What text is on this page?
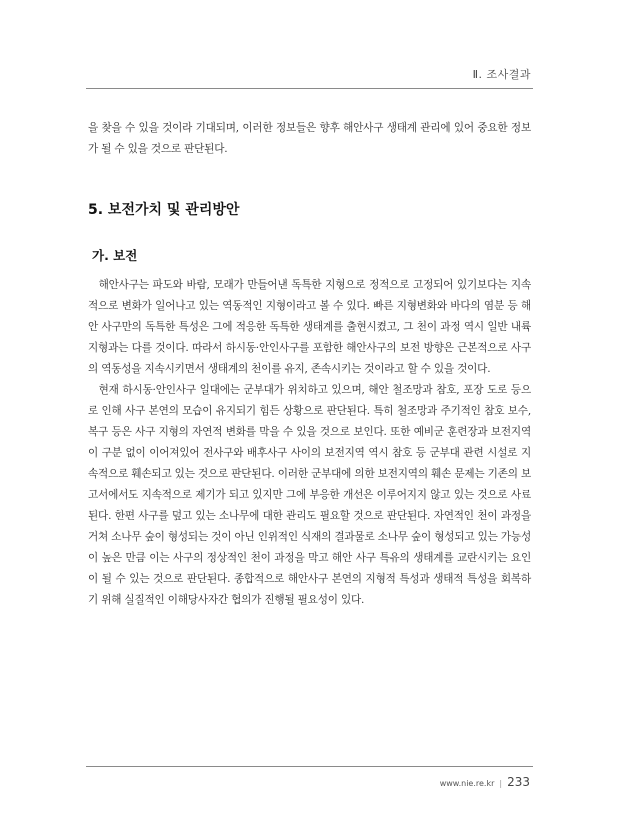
Ⅱ. 조사결과

을 찾을 수 있을 것이라 기대되며, 이러한 정보들은 향후 해안사구 생태계 관리에 있어 중요한 정보가 될 수 있을 것으로 판단된다.

5. 보전가치 및 관리방안
가. 보전

해안사구는 파도와 바람, 모래가 만들어낸 독특한 지형으로 정적으로 고정되어 있기보다는 지속적으로 변화가 일어나고 있는 역동적인 지형이라고 볼 수 있다. 빠른 지형변화와 바다의 염분 등 해안 사구만의 독특한 특성은 그에 적응한 독특한 생태계를 출현시켰고, 그 천이 과정 역시 일반 내륙 지형과는 다를 것이다. 따라서 하시동·안인사구를 포함한 해안사구의 보전 방향은 근본적으로 사구의 역동성을 지속시키면서 생태계의 천이를 유지, 존속시키는 것이라고 할 수 있을 것이다.

현재 하시동·안인사구 일대에는 군부대가 위치하고 있으며, 해안 철조망과 참호, 포장 도로 등으로 인해 사구 본연의 모습이 유지되기 힘든 상황으로 판단된다. 특히 철조망과 주기적인 참호 보수, 복구 등은 사구 지형의 자연적 변화를 막을 수 있을 것으로 보인다. 또한 예비군 훈련장과 보전지역이 구분 없이 이어져있어 전사구와 배후사구 사이의 보전지역 역시 참호 등 군부대 관련 시설로 지속적으로 훼손되고 있는 것으로 판단된다. 이러한 군부대에 의한 보전지역의 훼손 문제는 기존의 보고서에서도 지속적으로 제기가 되고 있지만 그에 부응한 개선은 이루어지지 않고 있는 것으로 사료된다. 한편 사구를 덮고 있는 소나무에 대한 관리도 필요할 것으로 판단된다. 자연적인 천이 과정을 거쳐 소나무 숲이 형성되는 것이 아닌 인위적인 식재의 결과물로 소나무 숲이 형성되고 있는 가능성이 높은 만큼 이는 사구의 정상적인 천이 과정을 막고 해안 사구 특유의 생태계를 교란시키는 요인이 될 수 있는 것으로 판단된다. 종합적으로 해안사구 본연의 지형적 특성과 생태적 특성을 회복하기 위해 실질적인 이해당사자간 협의가 진행될 필요성이 있다.

www.nie.re.kr | 233
